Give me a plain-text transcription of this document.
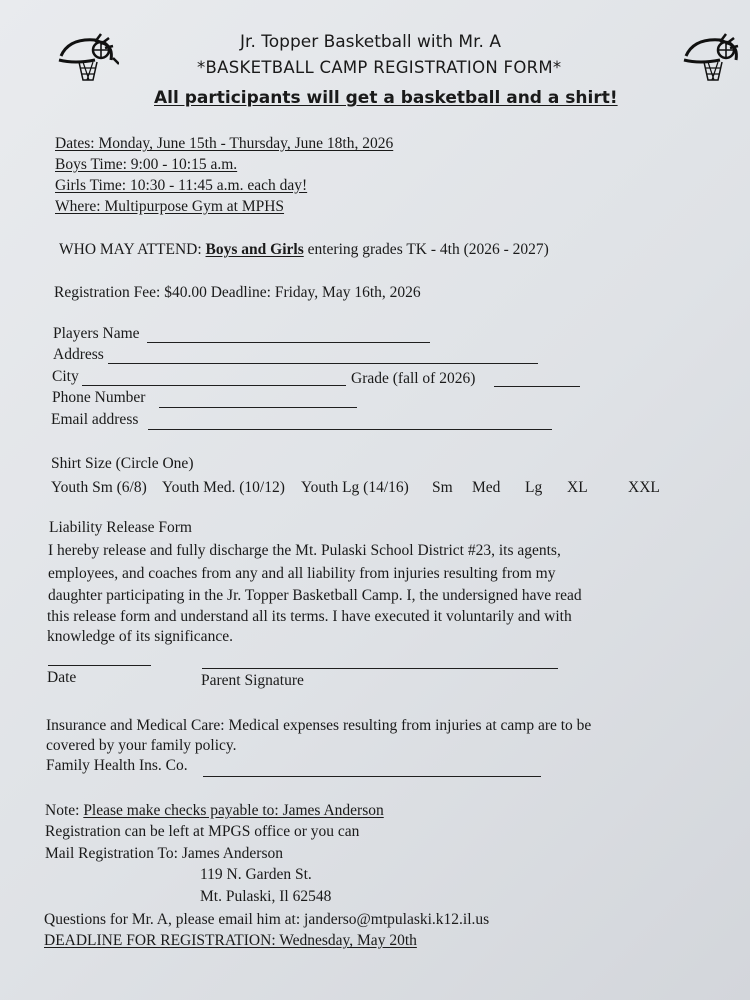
Jr. Topper Basketball with Mr. A
*BASKETBALL CAMP REGISTRATION FORM*
All participants will get a basketball and a shirt!
Dates: Monday, June 15th - Thursday, June 18th, 2026
Boys Time: 9:00 - 10:15 a.m.
Girls Time: 10:30 - 11:45 a.m. each day!
Where: Multipurpose Gym at MPHS
WHO MAY ATTEND: Boys and Girls entering grades TK - 4th (2026 - 2027)
Registration Fee: $40.00 Deadline: Friday, May 16th, 2026
Players Name
Address
City	Grade (fall of 2026)
Phone Number
Email address
Shirt Size (Circle One)
Youth Sm (6/8) Youth Med. (10/12) Youth Lg (14/16) Sm Med Lg XL	XXL
Liability Release Form
I hereby release and fully discharge the Mt. Pulaski School District #23, its agents,
employees, and coaches from any and all liability from injuries resulting from my
daughter participating in the Jr. Topper Basketball Camp. I, the undersigned have read
this release form and understand all its terms. I have executed it voluntarily and with
knowledge of its significance.
Date	Parent Signature
Insurance and Medical Care: Medical expenses resulting from injuries at camp are to be
covered by your family policy.
Family Health Ins. Co.
Note: Please make checks payable to: James Anderson
Registration can be left at MPGS office or you can
Mail Registration To: James Anderson
119 N. Garden St.
Mt. Pulaski, Il 62548
Questions for Mr. A, please email him at: janderso@mtpulaski.k12.il.us
DEADLINE FOR REGISTRATION: Wednesday, May 20th
